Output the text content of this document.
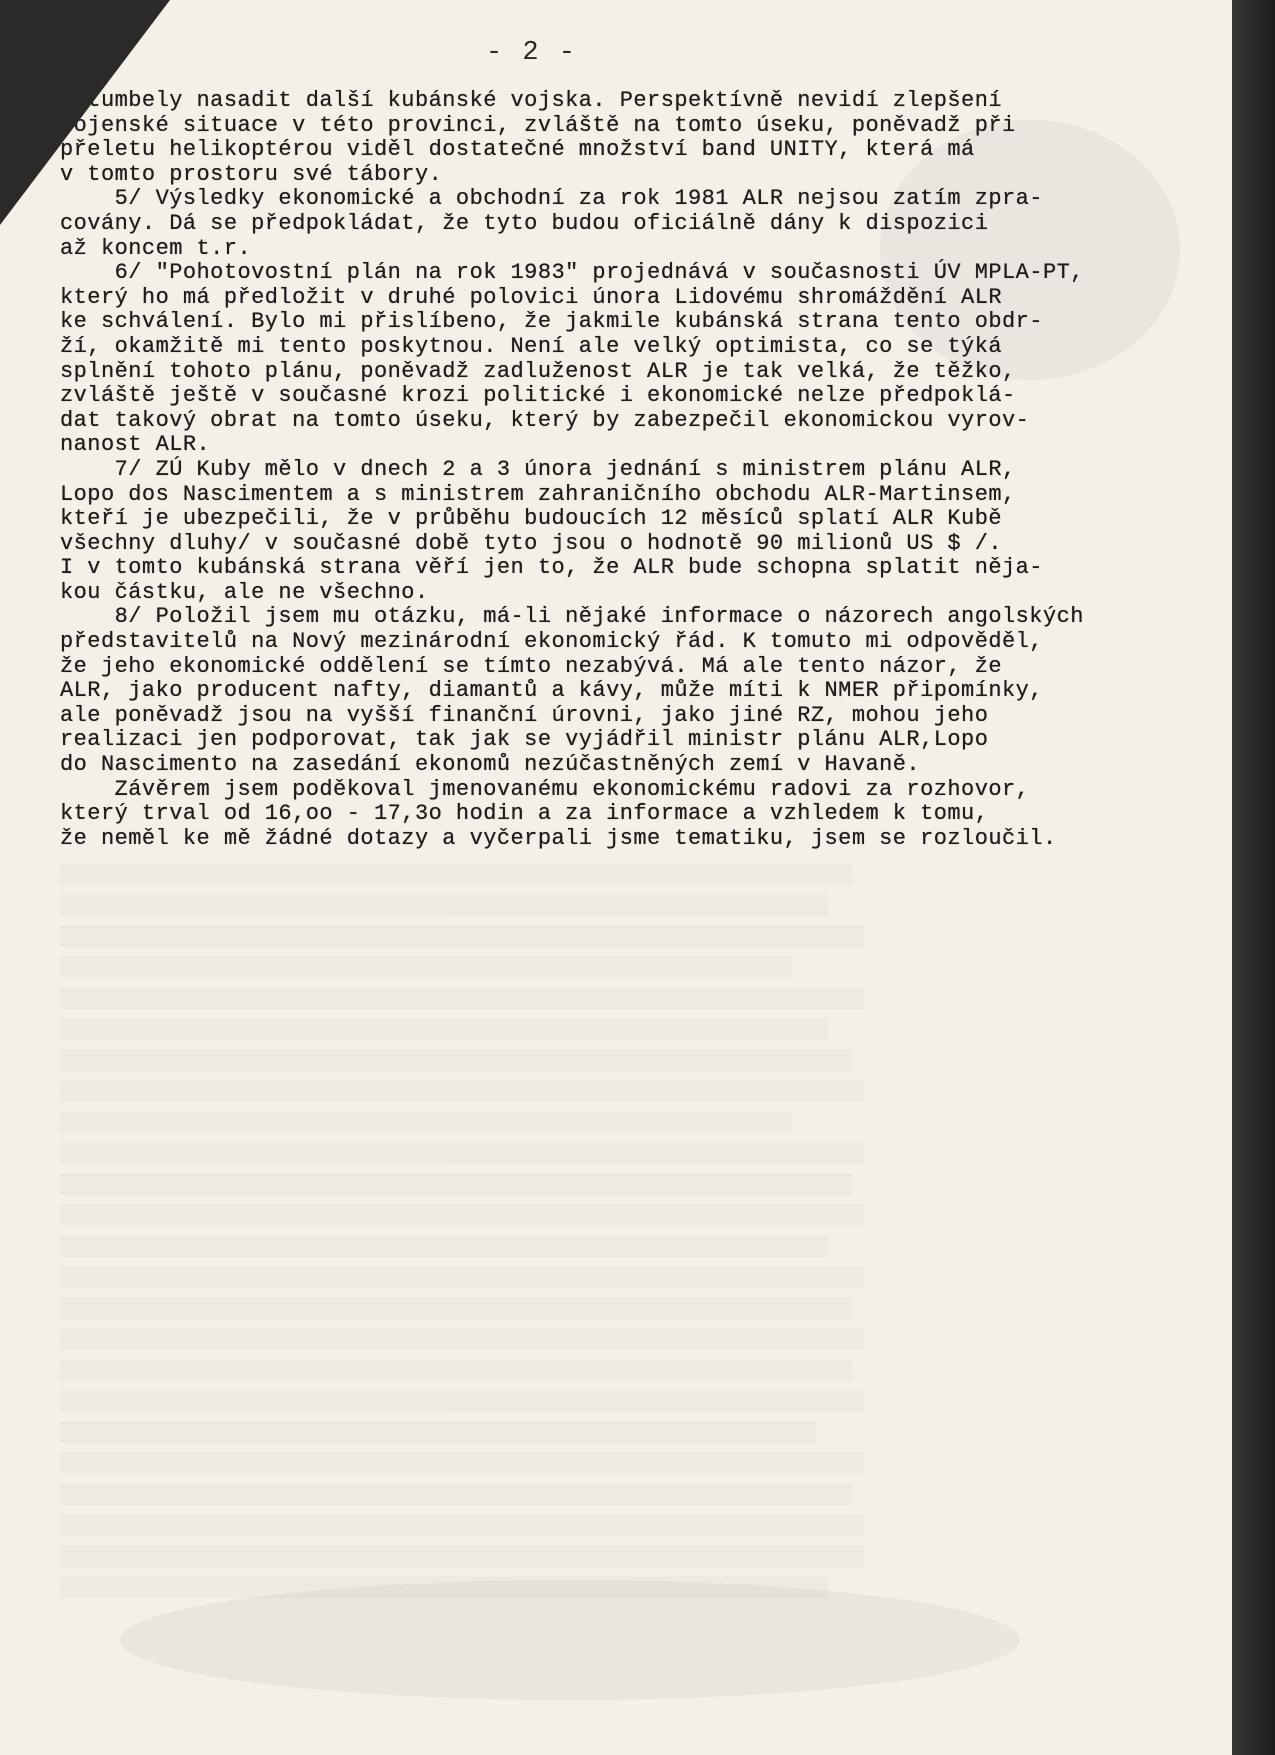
▒▒▒▒▒▒▒▒▒▒▒▒▒▒▒▒▒▒▒▒▒▒▒▒▒▒▒▒▒▒▒▒▒▒▒▒▒▒▒▒▒▒▒▒▒▒▒▒▒▒▒▒▒▒▒▒▒▒▒▒▒▒▒▒▒▒
▒▒▒▒▒▒▒▒▒▒▒▒▒▒▒▒▒▒▒▒▒▒▒▒▒▒▒▒▒▒▒▒▒▒▒▒▒▒▒▒▒▒▒▒▒▒▒▒▒▒▒▒▒▒▒▒▒▒▒▒▒▒▒▒
▒▒▒▒▒▒▒▒▒▒▒▒▒▒▒▒▒▒▒▒▒▒▒▒▒▒▒▒▒▒▒▒▒▒▒▒▒▒▒▒▒▒▒▒▒▒▒▒▒▒▒▒▒▒▒▒▒▒▒▒▒▒▒▒▒▒▒
▒▒▒▒▒▒▒▒▒▒▒▒▒▒▒▒▒▒▒▒▒▒▒▒▒▒▒▒▒▒▒▒▒▒▒▒▒▒▒▒▒▒▒▒▒▒▒▒▒▒▒▒▒▒▒▒▒▒▒▒▒
▒▒▒▒▒▒▒▒▒▒▒▒▒▒▒▒▒▒▒▒▒▒▒▒▒▒▒▒▒▒▒▒▒▒▒▒▒▒▒▒▒▒▒▒▒▒▒▒▒▒▒▒▒▒▒▒▒▒▒▒▒▒▒▒▒▒▒
▒▒▒▒▒▒▒▒▒▒▒▒▒▒▒▒▒▒▒▒▒▒▒▒▒▒▒▒▒▒▒▒▒▒▒▒▒▒▒▒▒▒▒▒▒▒▒▒▒▒▒▒▒▒▒▒▒▒▒▒▒▒▒▒
▒▒▒▒▒▒▒▒▒▒▒▒▒▒▒▒▒▒▒▒▒▒▒▒▒▒▒▒▒▒▒▒▒▒▒▒▒▒▒▒▒▒▒▒▒▒▒▒▒▒▒▒▒▒▒▒▒▒▒▒▒▒▒▒▒▒
▒▒▒▒▒▒▒▒▒▒▒▒▒▒▒▒▒▒▒▒▒▒▒▒▒▒▒▒▒▒▒▒▒▒▒▒▒▒▒▒▒▒▒▒▒▒▒▒▒▒▒▒▒▒▒▒▒▒▒▒▒▒▒▒▒▒▒
▒▒▒▒▒▒▒▒▒▒▒▒▒▒▒▒▒▒▒▒▒▒▒▒▒▒▒▒▒▒▒▒▒▒▒▒▒▒▒▒▒▒▒▒▒▒▒▒▒▒▒▒▒▒▒▒▒▒▒▒▒
▒▒▒▒▒▒▒▒▒▒▒▒▒▒▒▒▒▒▒▒▒▒▒▒▒▒▒▒▒▒▒▒▒▒▒▒▒▒▒▒▒▒▒▒▒▒▒▒▒▒▒▒▒▒▒▒▒▒▒▒▒▒▒▒▒▒▒
▒▒▒▒▒▒▒▒▒▒▒▒▒▒▒▒▒▒▒▒▒▒▒▒▒▒▒▒▒▒▒▒▒▒▒▒▒▒▒▒▒▒▒▒▒▒▒▒▒▒▒▒▒▒▒▒▒▒▒▒▒▒▒▒▒▒
▒▒▒▒▒▒▒▒▒▒▒▒▒▒▒▒▒▒▒▒▒▒▒▒▒▒▒▒▒▒▒▒▒▒▒▒▒▒▒▒▒▒▒▒▒▒▒▒▒▒▒▒▒▒▒▒▒▒▒▒▒▒▒▒▒▒▒
▒▒▒▒▒▒▒▒▒▒▒▒▒▒▒▒▒▒▒▒▒▒▒▒▒▒▒▒▒▒▒▒▒▒▒▒▒▒▒▒▒▒▒▒▒▒▒▒▒▒▒▒▒▒▒▒▒▒▒▒▒▒▒▒
▒▒▒▒▒▒▒▒▒▒▒▒▒▒▒▒▒▒▒▒▒▒▒▒▒▒▒▒▒▒▒▒▒▒▒▒▒▒▒▒▒▒▒▒▒▒▒▒▒▒▒▒▒▒▒▒▒▒▒▒▒▒▒▒▒▒▒
▒▒▒▒▒▒▒▒▒▒▒▒▒▒▒▒▒▒▒▒▒▒▒▒▒▒▒▒▒▒▒▒▒▒▒▒▒▒▒▒▒▒▒▒▒▒▒▒▒▒▒▒▒▒▒▒▒▒▒▒▒▒▒▒▒▒
▒▒▒▒▒▒▒▒▒▒▒▒▒▒▒▒▒▒▒▒▒▒▒▒▒▒▒▒▒▒▒▒▒▒▒▒▒▒▒▒▒▒▒▒▒▒▒▒▒▒▒▒▒▒▒▒▒▒▒▒▒▒▒▒▒▒▒
▒▒▒▒▒▒▒▒▒▒▒▒▒▒▒▒▒▒▒▒▒▒▒▒▒▒▒▒▒▒▒▒▒▒▒▒▒▒▒▒▒▒▒▒▒▒▒▒▒▒▒▒▒▒▒▒▒▒▒▒▒▒▒▒▒▒
▒▒▒▒▒▒▒▒▒▒▒▒▒▒▒▒▒▒▒▒▒▒▒▒▒▒▒▒▒▒▒▒▒▒▒▒▒▒▒▒▒▒▒▒▒▒▒▒▒▒▒▒▒▒▒▒▒▒▒▒▒▒▒▒▒▒▒
▒▒▒▒▒▒▒▒▒▒▒▒▒▒▒▒▒▒▒▒▒▒▒▒▒▒▒▒▒▒▒▒▒▒▒▒▒▒▒▒▒▒▒▒▒▒▒▒▒▒▒▒▒▒▒▒▒▒▒▒▒▒▒
▒▒▒▒▒▒▒▒▒▒▒▒▒▒▒▒▒▒▒▒▒▒▒▒▒▒▒▒▒▒▒▒▒▒▒▒▒▒▒▒▒▒▒▒▒▒▒▒▒▒▒▒▒▒▒▒▒▒▒▒▒▒▒▒▒▒▒
▒▒▒▒▒▒▒▒▒▒▒▒▒▒▒▒▒▒▒▒▒▒▒▒▒▒▒▒▒▒▒▒▒▒▒▒▒▒▒▒▒▒▒▒▒▒▒▒▒▒▒▒▒▒▒▒▒▒▒▒▒▒▒▒▒▒
▒▒▒▒▒▒▒▒▒▒▒▒▒▒▒▒▒▒▒▒▒▒▒▒▒▒▒▒▒▒▒▒▒▒▒▒▒▒▒▒▒▒▒▒▒▒▒▒▒▒▒▒▒▒▒▒▒▒▒▒▒▒▒▒▒▒▒
▒▒▒▒▒▒▒▒▒▒▒▒▒▒▒▒▒▒▒▒▒▒▒▒▒▒▒▒▒▒▒▒▒▒▒▒▒▒▒▒▒▒▒▒▒▒▒▒▒▒▒▒▒▒▒▒▒▒▒▒▒▒▒▒▒▒▒
▒▒▒▒▒▒▒▒▒▒▒▒▒▒▒▒▒▒▒▒▒▒▒▒▒▒▒▒▒▒▒▒▒▒▒▒▒▒▒▒▒▒▒▒▒▒▒▒▒▒▒▒▒▒▒▒▒▒▒▒▒▒▒▒

- 2 -
Catumbely nasadit další kubánské vojska. Perspektívně nevidí zlepšení
vojenské situace v této provinci, zvláště na tomto úseku, poněvadž při
přeletu helikoptérou viděl dostatečné množství band UNITY, která má
v tomto prostoru své tábory.
5/ Výsledky ekonomické a obchodní za rok 1981 ALR nejsou zatím zpra-
covány. Dá se předpokládat, že tyto budou oficiálně dány k dispozici
až koncem t.r.
6/ "Pohotovostní plán na rok 1983" projednává v současnosti ÚV MPLA-PT,
který ho má předložit v druhé polovici února Lidovému shromáždění ALR
ke schválení. Bylo mi přislíbeno, že jakmile kubánská strana tento obdr-
ží, okamžitě mi tento poskytnou. Není ale velký optimista, co se týká
splnění tohoto plánu, poněvadž zadluženost ALR je tak velká, že těžko,
zvláště ještě v současné krozi politické i ekonomické nelze předpoklá-
dat takový obrat na tomto úseku, který by zabezpečil ekonomickou vyrov-
nanost ALR.
7/ ZÚ Kuby mělo v dnech 2 a 3 února jednání s ministrem plánu ALR,
Lopo dos Nascimentem a s ministrem zahraničního obchodu ALR-Martinsem,
kteří je ubezpečili, že v průběhu budoucích 12 měsíců splatí ALR Kubě
všechny dluhy/ v současné době tyto jsou o hodnotě 90 milionů US $ /.
I v tomto kubánská strana věří jen to, že ALR bude schopna splatit něja-
kou částku, ale ne všechno.
8/ Položil jsem mu otázku, má-li nějaké informace o názorech angolských
představitelů na Nový mezinárodní ekonomický řád. K tomuto mi odpověděl,
že jeho ekonomické oddělení se tímto nezabývá. Má ale tento názor, že
ALR, jako producent nafty, diamantů a kávy, může míti k NMER připomínky,
ale poněvadž jsou na vyšší finanční úrovni, jako jiné RZ, mohou jeho
realizaci jen podporovat, tak jak se vyjádřil ministr plánu ALR,Lopo
do Nascimento na zasedání ekonomů nezúčastněných zemí v Havaně.
Závěrem jsem poděkoval jmenovanému ekonomickému radovi za rozhovor,
který trval od 16,oo - 17,3o hodin a za informace a vzhledem k tomu,
že neměl ke mě žádné dotazy a vyčerpali jsme tematiku, jsem se rozloučil.
